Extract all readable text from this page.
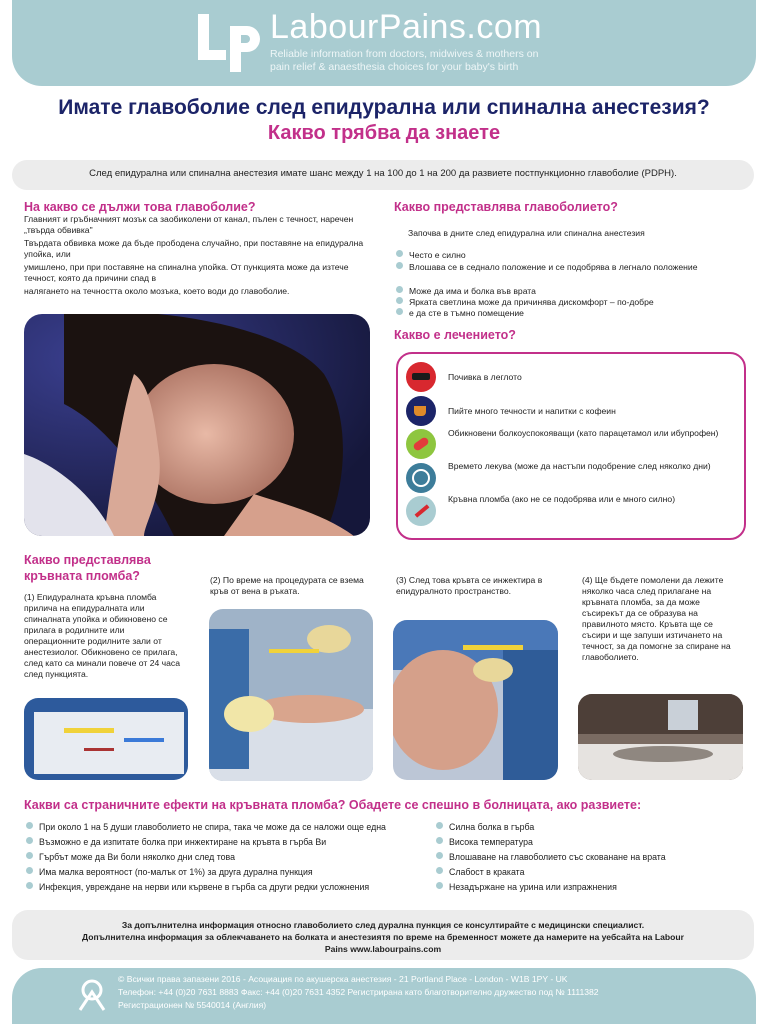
LabourPains.com
Reliable information from doctors, midwives & mothers on
pain relief & anaesthesia choices for your baby's birth
Имате главоболие след епидурална или спинална анестезия?
Какво трябва да знаете
След епидурална или спинална анестезия имате шанс между 1 на 100 до 1 на 200 да развиете постпункционно главоболие (PDPH).
На какво се дължи това главоболие?
Главният и гръбначният мозък са заобиколени от канал, пълен с течност, наречен „твърда обвивка"
Твърдата обвивка може да бъде прободена случайно, при поставяне на епидурална упойка, или
умишлено, при при поставяне на спинална упойка. От пункцията може да изтече течност, която да причини спад в
налягането на течността около мозъка, което води до главоболие.
Какво представлява главоболието?
Започва в дните след епидурална или спинална анестезия
Често е силно
Влошава се в седнало положение и се подобрява в легнало положение
Може да има и болка във врата
Ярката светлина може да причинява дискомфорт – по-добре
е да сте в тъмно помещение
Какво е лечението?
Почивка в леглото
Пийте много течности и напитки с кофеин
Обикновени болкоуспокояващи (като парацетамол или ибупрофен)
Времето лекува (може да настъпи подобрение след няколко дни)
Кръвна пломба (ако не се подобрява или е много силно)
Какво представлява кръвната пломба?
(1) Епидуралната кръвна пломба прилича на епидуралната или спиналната упойка и обикновено се прилага в родилните или операционните родилните зали от анестезиолог. Обикновено се прилага, след като са минали повече от 24 часа след пункцията.
(2) По време на процедурата се взема кръв от вена в ръката.
(3) След това кръвта се инжектира в епидуралното пространство.
(4) Ще бъдете помолени да лежите няколко часа след прилагане на кръвната пломба, за да може съсирекът да се образува на правилното място. Кръвта ще се съсири и ще запуши изтичането на течност, за да помогне за спиране на главоболието.
Какви са страничните ефекти на кръвната пломба? Обадете се спешно в болницата, ако развиете:
При около 1 на 5 души главоболието не спира, така че може да се наложи още една
Възможно е да изпитате болка при инжектиране на кръвта в гърба Ви
Гърбът може да Ви боли няколко дни след това
Има малка вероятност (по-малък от 1%) за друга дурална пункция
Инфекция, увреждане на нерви или кървене в гърба са други редки усложнения
Силна болка в гърба
Висока температура
Влошаване на главоболието със скованане на врата
Слабост в краката
Незадържане на урина или изпражнения
За допълнителна информация относно главоболието след дурална пункция се консултирайте с медицински специалист.
Допълнителна информация за облекчаването на болката и анестезиятя по време на бременност можете да намерите на уебсайта на Labour
Pains www.labourpains.com
© Всички права запазени 2016 - Асоциация по акушерска анестезия - 21 Portland Place - London - W1B 1PY - UK
Телефон: +44 (0)20 7631 8883 Факс: +44 (0)20 7631 4352 Регистрирана като благотворително дружество под № 1111382
Регистрационен № 5540014 (Англия)
